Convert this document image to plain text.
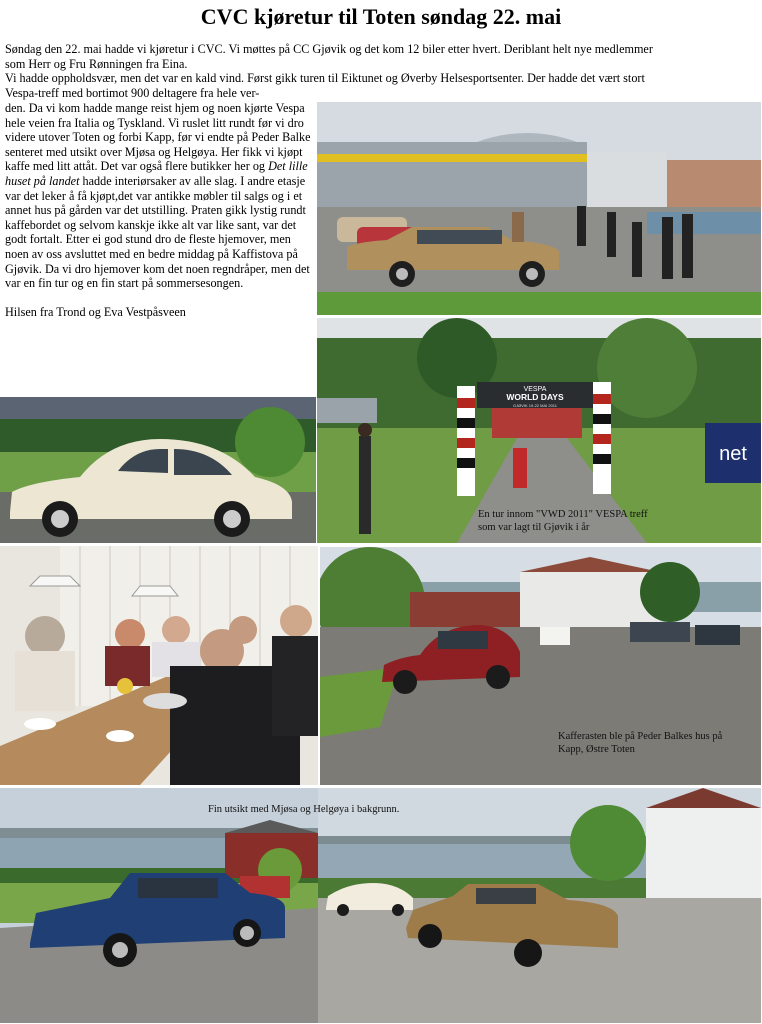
CVC kjøretur til Toten søndag 22. mai
Søndag den 22. mai hadde vi kjøretur i CVC. Vi møttes på CC Gjøvik og det kom 12 biler etter hvert. Deriblant helt nye medlemmer
som Herr og Fru Rønningen fra Eina.
Vi hadde oppholdsvær, men det var en kald vind. Først gikk turen til Eiktunet og Øverby Helsesportsenter. Der hadde det vært stort
Vespa-treff med bortimot 900 deltagere fra hele ver-

den. Da vi kom hadde mange reist hjem og noen kjørte Vespa hele veien fra Italia og Tyskland. Vi ruslet litt rundt før vi dro videre utover Toten og forbi Kapp, før vi endte på Peder Balke senteret med utsikt over Mjøsa og Helgøya. Her fikk vi kjøpt kaffe med litt attåt. Det var også flere butikker her og Det lille huset på landet hadde interiørsaker av alle slag. I andre etasje var det leker å få kjøpt,det var antikke møbler til salgs og i et annet hus på gården var det utstilling. Praten gikk lystig rundt kaffebordet og selvom kanskje ikke alt var like sant, var det godt fortalt. Etter ei god stund dro de fleste hjemover, men noen av oss avsluttet med en bedre middag på Kaffistova på Gjøvik. Da vi dro hjemover kom det noen regndråper, men det var en fin tur og en fin start på sommersesongen.

Hilsen fra Trond og Eva Vestpåsveen

VESPA
WORLD DAYS
GJØVIK 19-22 MAI 2011
net
En tur innom "VWD 2011" VESPA treff som var lagt til Gjøvik i år
Kafferasten ble på Peder Balkes hus på Kapp, Østre Toten
Fin utsikt med Mjøsa og Helgøya i bakgrunn.
